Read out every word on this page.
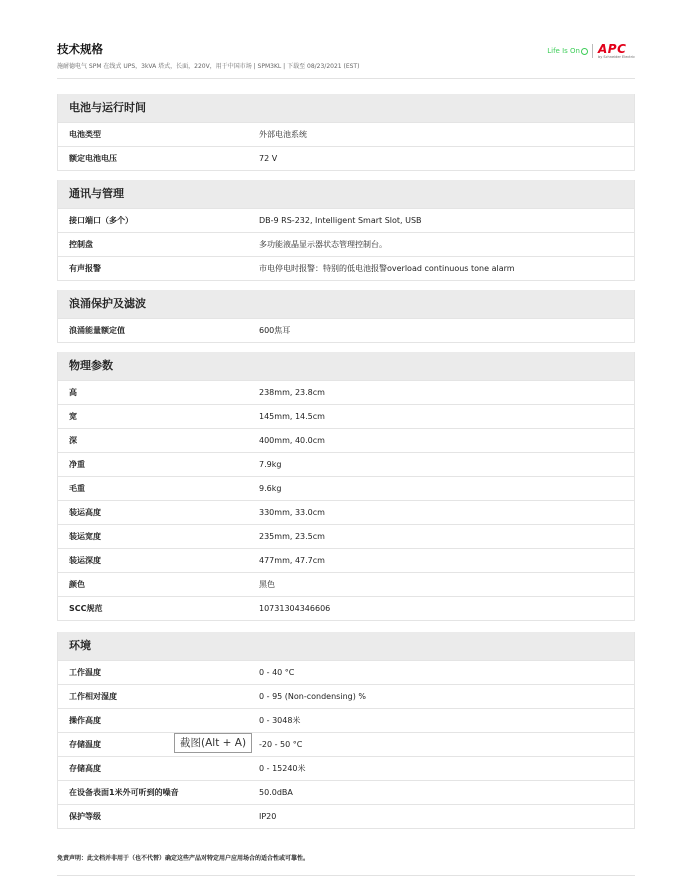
技术规格
施耐德电气 SPM 在线式 UPS，3kVA 塔式，长面，220V，用于中国市场 | SPM3KL | 下载至 08/23/2021 (EST)
Life Is On	APC
by Schneider Electric
电池与运行时间
电池类型	外部电池系统
额定电池电压	72 V
通讯与管理
接口端口（多个）	DB-9 RS-232, Intelligent Smart Slot, USB
控制盘	多功能液晶显示器状态管理控制台。
有声报警	市电停电时报警：特别的低电池报警overload continuous tone alarm
浪涌保护及滤波
浪涌能量额定值	600焦耳
物理参数
高	238mm, 23.8cm
宽	145mm, 14.5cm
深	400mm, 40.0cm
净重	7.9kg
毛重	9.6kg
装运高度	330mm, 33.0cm
装运宽度	235mm, 23.5cm
装运深度	477mm, 47.7cm
颜色	黑色
SCC规范	10731304346606
环境
工作温度	0 - 40 °C
工作相对湿度	0 - 95 (Non-condensing) %
操作高度	0 - 3048米
存储温度	-20 - 50 °C
存储高度	0 - 15240米
在设备表面1米外可听到的噪音	50.0dBA
保护等级	IP20
截图(Alt + A)
免责声明：此文档并非用于（也不代替）确定这些产品对特定用户应用场合的适合性或可靠性。
